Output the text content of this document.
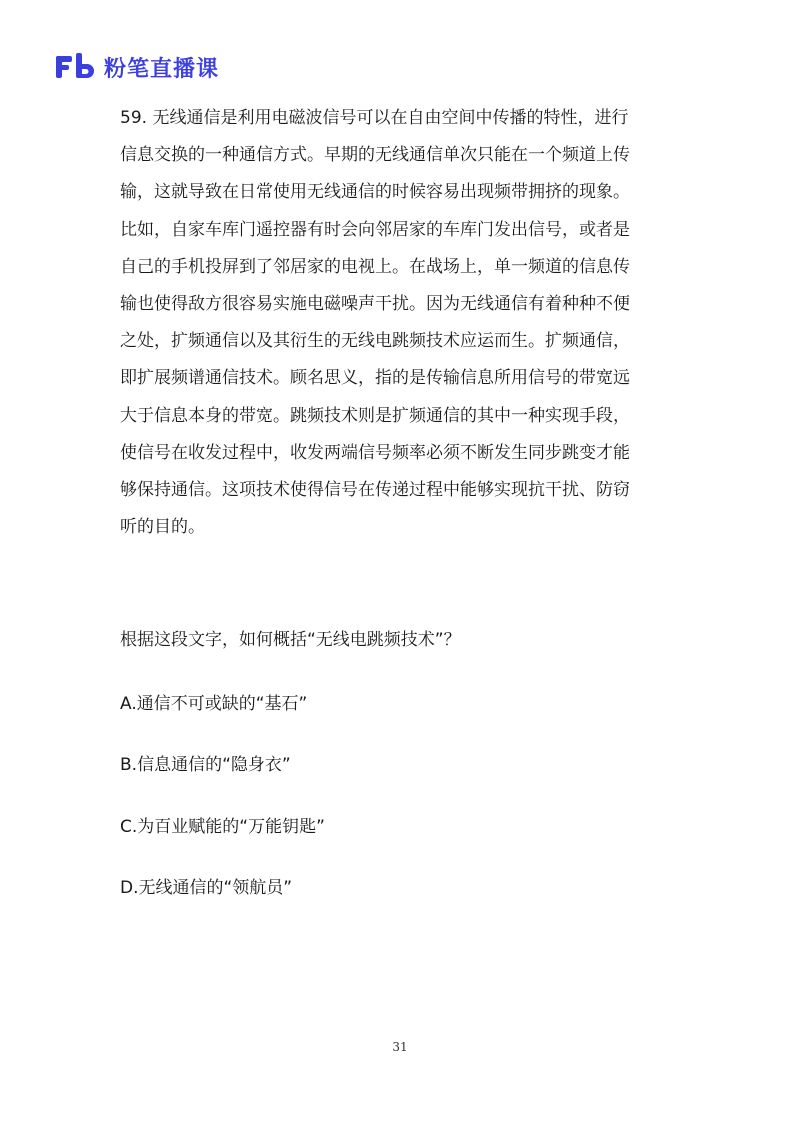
粉笔直播课
59. 无线通信是利用电磁波信号可以在自由空间中传播的特性，进行
信息交换的一种通信方式。早期的无线通信单次只能在一个频道上传
输，这就导致在日常使用无线通信的时候容易出现频带拥挤的现象。
比如，自家车库门遥控器有时会向邻居家的车库门发出信号，或者是
自己的手机投屏到了邻居家的电视上。在战场上，单一频道的信息传
输也使得敌方很容易实施电磁噪声干扰。因为无线通信有着种种不便
之处，扩频通信以及其衍生的无线电跳频技术应运而生。扩频通信，
即扩展频谱通信技术。顾名思义，指的是传输信息所用信号的带宽远
大于信息本身的带宽。跳频技术则是扩频通信的其中一种实现手段，
使信号在收发过程中，收发两端信号频率必须不断发生同步跳变才能
够保持通信。这项技术使得信号在传递过程中能够实现抗干扰、防窃
听的目的。
根据这段文字，如何概括“无线电跳频技术”？
A.通信不可或缺的“基石”
B.信息通信的“隐身衣”
C.为百业赋能的“万能钥匙”
D.无线通信的“领航员”
31
